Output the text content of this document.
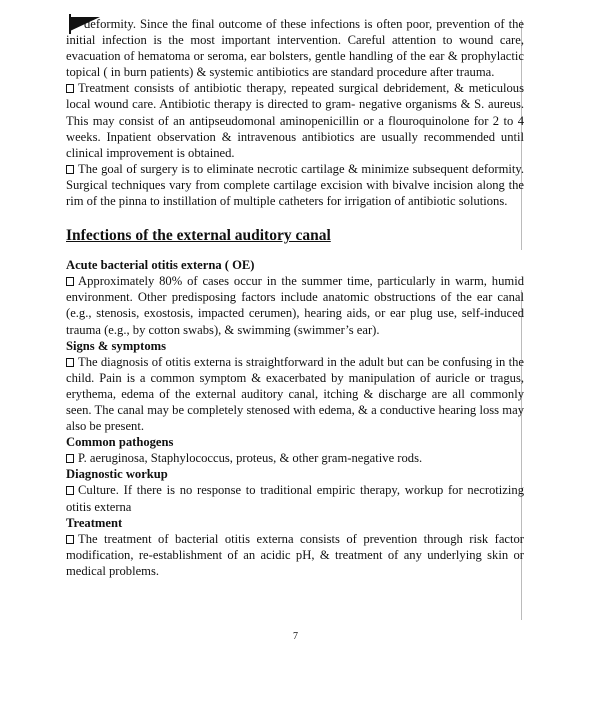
deformity. Since the final outcome of these infections is often poor, prevention of the initial infection is the most important intervention. Careful attention to wound care, evacuation of hematoma or seroma, ear bolsters, gentle handling of the ear & prophylactic topical ( in burn patients) & systemic antibiotics are standard procedure after trauma.

Treatment consists of antibiotic therapy, repeated surgical debridement, & meticulous local wound care. Antibiotic therapy is directed to gram- negative organisms & S. aureus. This may consist of an antipseudomonal aminopenicillin or a flouroquinolone for 2 to 4 weeks. Inpatient observation & intravenous antibiotics are usually recommended until clinical improvement is obtained.

The goal of surgery is to eliminate necrotic cartilage & minimize subsequent deformity. Surgical techniques vary from complete cartilage excision with bivalve incision along the rim of the pinna to instillation of multiple catheters for irrigation of antibiotic solutions.

Infections of the external auditory canal
Acute bacterial otitis externa ( OE)

Approximately 80% of cases occur in the summer time, particularly in warm, humid environment. Other predisposing factors include anatomic obstructions of the ear canal (e.g., stenosis, exostosis, impacted cerumen), hearing aids, or ear plug use, self-induced trauma (e.g., by cotton swabs), & swimming (swimmer’s ear).

Signs & symptoms

The diagnosis of otitis externa is straightforward in the adult but can be confusing in the child. Pain is a common symptom & exacerbated by manipulation of auricle or tragus, erythema, edema of the external auditory canal, itching & discharge are all commonly seen. The canal may be completely stenosed with edema, & a conductive hearing loss may also be present.

Common pathogens

P. aeruginosa, Staphylococcus, proteus, & other gram-negative rods.

Diagnostic workup

Culture. If there is no response to traditional empiric therapy, workup for necrotizing otitis externa

Treatment

The treatment of bacterial otitis externa consists of prevention through risk factor modification, re-establishment of an acidic pH, & treatment of any underlying skin or medical problems.

7
